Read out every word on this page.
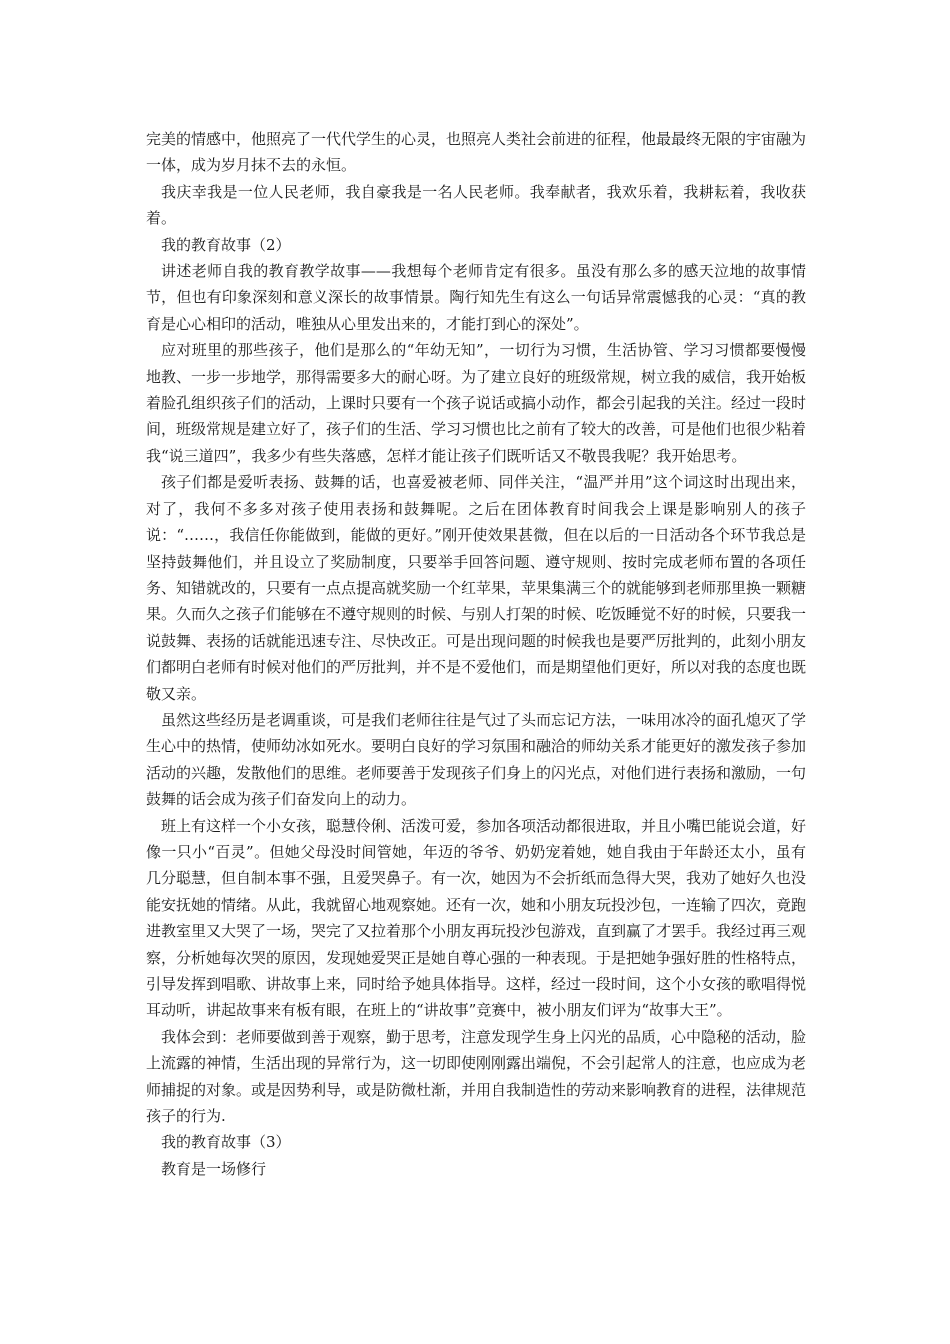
完美的情感中，他照亮了一代代学生的心灵，也照亮人类社会前进的征程，他最最终无限的宇宙融为一体，成为岁月抹不去的永恒。

我庆幸我是一位人民老师，我自豪我是一名人民老师。我奉献者，我欢乐着，我耕耘着，我收获着。

我的教育故事（2）

讲述老师自我的教育教学故事——我想每个老师肯定有很多。虽没有那么多的感天泣地的故事情节，但也有印象深刻和意义深长的故事情景。陶行知先生有这么一句话异常震憾我的心灵：“真的教育是心心相印的活动，唯独从心里发出来的，才能打到心的深处”。

应对班里的那些孩子，他们是那么的“年幼无知”，一切行为习惯，生活协管、学习习惯都要慢慢地教、一步一步地学，那得需要多大的耐心呀。为了建立良好的班级常规，树立我的威信，我开始板着脸孔组织孩子们的活动，上课时只要有一个孩子说话或搞小动作，都会引起我的关注。经过一段时间，班级常规是建立好了，孩子们的生活、学习习惯也比之前有了较大的改善，可是他们也很少粘着我“说三道四”，我多少有些失落感，怎样才能让孩子们既听话又不敬畏我呢？我开始思考。

孩子们都是爱听表扬、鼓舞的话，也喜爱被老师、同伴关注，“温严并用”这个词这时出现出来，对了，我何不多多对孩子使用表扬和鼓舞呢。之后在团体教育时间我会上课是影响别人的孩子说：“……，我信任你能做到，能做的更好。”刚开使效果甚微，但在以后的一日活动各个环节我总是坚持鼓舞他们，并且设立了奖励制度，只要举手回答问题、遵守规则、按时完成老师布置的各项任务、知错就改的，只要有一点点提高就奖励一个红苹果，苹果集满三个的就能够到老师那里换一颗糖果。久而久之孩子们能够在不遵守规则的时候、与别人打架的时候、吃饭睡觉不好的时候，只要我一说鼓舞、表扬的话就能迅速专注、尽快改正。可是出现问题的时候我也是要严厉批判的，此刻小朋友们都明白老师有时候对他们的严厉批判，并不是不爱他们，而是期望他们更好，所以对我的态度也既敬又亲。

虽然这些经历是老调重谈，可是我们老师往往是气过了头而忘记方法，一味用冰冷的面孔熄灭了学生心中的热情，使师幼冰如死水。要明白良好的学习氛围和融洽的师幼关系才能更好的激发孩子参加活动的兴趣，发散他们的思维。老师要善于发现孩子们身上的闪光点，对他们进行表扬和激励，一句鼓舞的话会成为孩子们奋发向上的动力。

班上有这样一个小女孩，聪慧伶俐、活泼可爱，参加各项活动都很进取，并且小嘴巴能说会道，好像一只小“百灵”。但她父母没时间管她，年迈的爷爷、奶奶宠着她，她自我由于年龄还太小，虽有几分聪慧，但自制本事不强，且爱哭鼻子。有一次，她因为不会折纸而急得大哭，我劝了她好久也没能安抚她的情绪。从此，我就留心地观察她。还有一次，她和小朋友玩投沙包，一连输了四次，竟跑进教室里又大哭了一场，哭完了又拉着那个小朋友再玩投沙包游戏，直到赢了才罢手。我经过再三观察，分析她每次哭的原因，发现她爱哭正是她自尊心强的一种表现。于是把她争强好胜的性格特点，引导发挥到唱歌、讲故事上来，同时给予她具体指导。这样，经过一段时间，这个小女孩的歌唱得悦耳动听，讲起故事来有板有眼，在班上的“讲故事”竞赛中，被小朋友们评为“故事大王”。

我体会到：老师要做到善于观察，勤于思考，注意发现学生身上闪光的品质，心中隐秘的活动，脸上流露的神情，生活出现的异常行为，这一切即使刚刚露出端倪，不会引起常人的注意，也应成为老师捕捉的对象。或是因势利导，或是防微杜渐，并用自我制造性的劳动来影响教育的进程，法律规范孩子的行为.

我的教育故事（3）

教育是一场修行
